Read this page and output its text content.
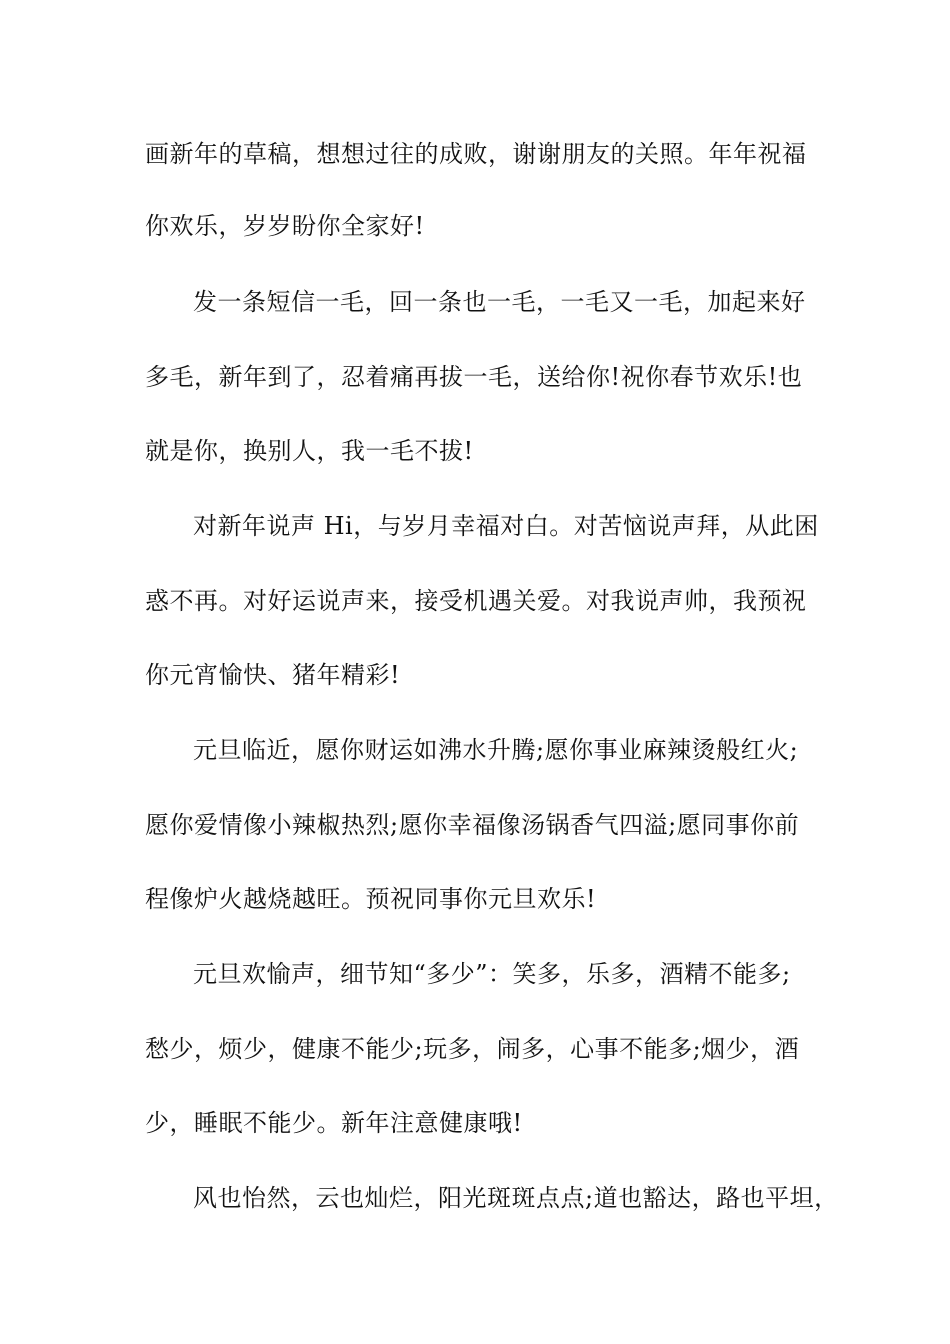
画新年的草稿，想想过往的成败，谢谢朋友的关照。年年祝福
你欢乐，岁岁盼你全家好!
发一条短信一毛，回一条也一毛，一毛又一毛，加起来好
多毛，新年到了，忍着痛再拔一毛，送给你!祝你春节欢乐!也
就是你，换别人，我一毛不拔!
对新年说声 Hi，与岁月幸福对白。对苦恼说声拜，从此困
惑不再。对好运说声来，接受机遇关爱。对我说声帅，我预祝
你元宵愉快、猪年精彩!
元旦临近，愿你财运如沸水升腾;愿你事业麻辣烫般红火;
愿你爱情像小辣椒热烈;愿你幸福像汤锅香气四溢;愿同事你前
程像炉火越烧越旺。预祝同事你元旦欢乐!
元旦欢愉声，细节知“多少”：笑多，乐多，酒精不能多;
愁少，烦少，健康不能少;玩多，闹多，心事不能多;烟少，酒
少，睡眠不能少。新年注意健康哦!
风也怡然，云也灿烂，阳光斑斑点点;道也豁达，路也平坦，
